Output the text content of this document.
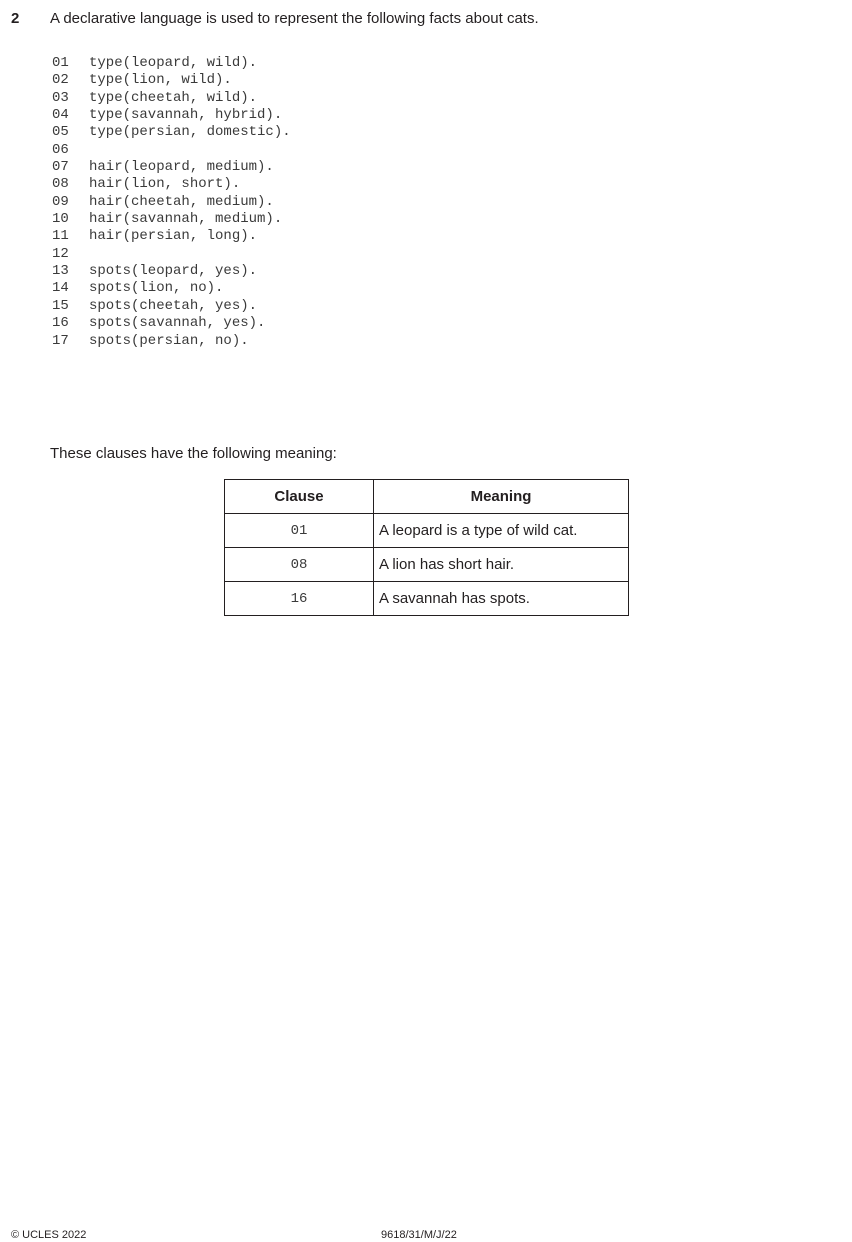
2 A declarative language is used to represent the following facts about cats.
01 type(leopard, wild).
02 type(lion, wild).
03 type(cheetah, wild).
04 type(savannah, hybrid).
05 type(persian, domestic).
06
07 hair(leopard, medium).
08 hair(lion, short).
09 hair(cheetah, medium).
10 hair(savannah, medium).
11 hair(persian, long).
12
13 spots(leopard, yes).
14 spots(lion, no).
15 spots(cheetah, yes).
16 spots(savannah, yes).
17 spots(persian, no).
These clauses have the following meaning:
Clause	Meaning
01	A leopard is a type of wild cat.
08	A lion has short hair.
16	A savannah has spots.
© UCLES 2022	9618/31/M/J/22
